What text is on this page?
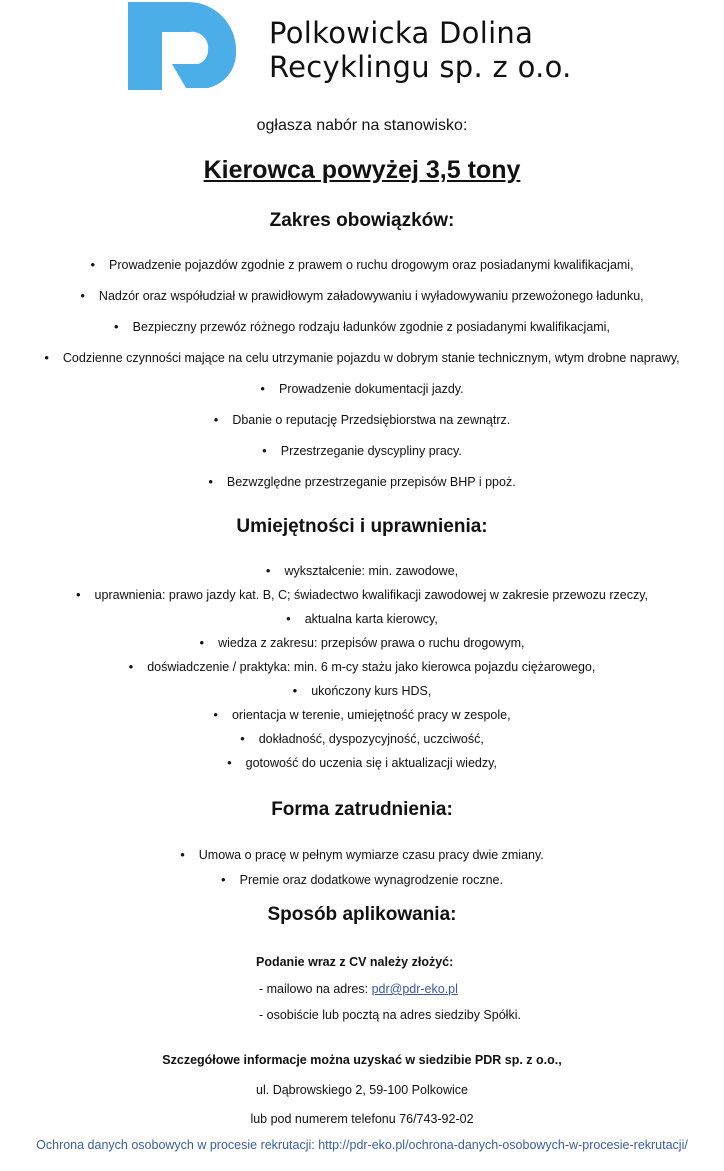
Polkowicka Dolina
Recyklingu sp. z o.o.
ogłasza nabór na stanowisko:
Kierowca powyżej 3,5 tony
Zakres obowiązków:
• Prowadzenie pojazdów zgodnie z prawem o ruchu drogowym oraz posiadanymi kwalifikacjami,
• Nadzór oraz współudział w prawidłowym załadowywaniu i wyładowywaniu przewożonego ładunku,
• Bezpieczny przewóz różnego rodzaju ładunków zgodnie z posiadanymi kwalifikacjami,
• Codzienne czynności mające na celu utrzymanie pojazdu w dobrym stanie technicznym, wtym drobne naprawy,
• Prowadzenie dokumentacji jazdy.
• Dbanie o reputację Przedsiębiorstwa na zewnątrz.
• Przestrzeganie dyscypliny pracy.
• Bezwzględne przestrzeganie przepisów BHP i ppoż.
Umiejętności i uprawnienia:
• wykształcenie: min. zawodowe,
• uprawnienia: prawo jazdy kat. B, C; świadectwo kwalifikacji zawodowej w zakresie przewozu rzeczy,
• aktualna karta kierowcy,
• wiedza z zakresu: przepisów prawa o ruchu drogowym,
• doświadczenie / praktyka: min. 6 m-cy stażu jako kierowca pojazdu ciężarowego,
• ukończony kurs HDS,
• orientacja w terenie, umiejętność pracy w zespole,
• dokładność, dyspozycyjność, uczciwość,
• gotowość do uczenia się i aktualizacji wiedzy,
Forma zatrudnienia:
• Umowa o pracę w pełnym wymiarze czasu pracy dwie zmiany.
• Premie oraz dodatkowe wynagrodzenie roczne.
Sposób aplikowania:
Podanie wraz z CV należy złożyć:
- mailowo na adres: pdr@pdr-eko.pl
- osobiście lub pocztą na adres siedziby Spółki.
Szczegółowe informacje można uzyskać w siedzibie PDR sp. z o.o.,
ul. Dąbrowskiego 2, 59-100 Polkowice
lub pod numerem telefonu 76/743-92-02
Ochrona danych osobowych w procesie rekrutacji: http://pdr-eko.pl/ochrona-danych-osobowych-w-procesie-rekrutacji/
